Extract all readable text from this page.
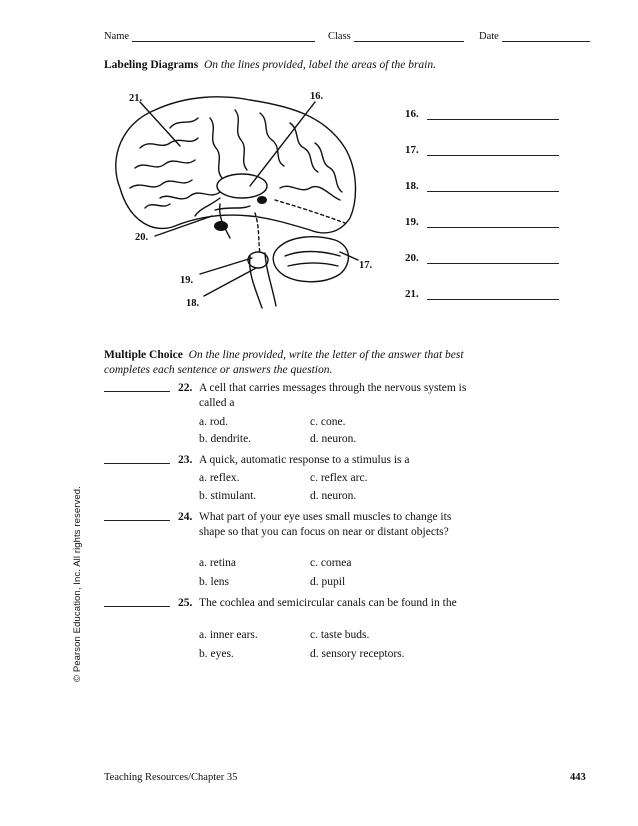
Name	Class	Date
Labeling Diagrams On the lines provided, label the areas of the brain.
21.	16.
20.
17.
19.
18.
16.
17.
18.
19.
20.
21.
Multiple Choice On the line provided, write the letter of the answer that best
completes each sentence or answers the question.
22. A cell that carries messages through the nervous system is called a
a. rod.	c. cone.
b. dendrite.	d. neuron.
23. A quick, automatic response to a stimulus is a
a. reflex.	c. reflex arc.
b. stimulant.	d. neuron.
24. What part of your eye uses small muscles to change its shape so that you can focus on near or distant objects?
a. retina	c. cornea
b. lens	d. pupil
25. The cochlea and semicircular canals can be found in the
a. inner ears.	c. taste buds.
b. eyes.	d. sensory receptors.
© Pearson Education, Inc. All rights reserved.
Teaching Resources/Chapter 35	443
